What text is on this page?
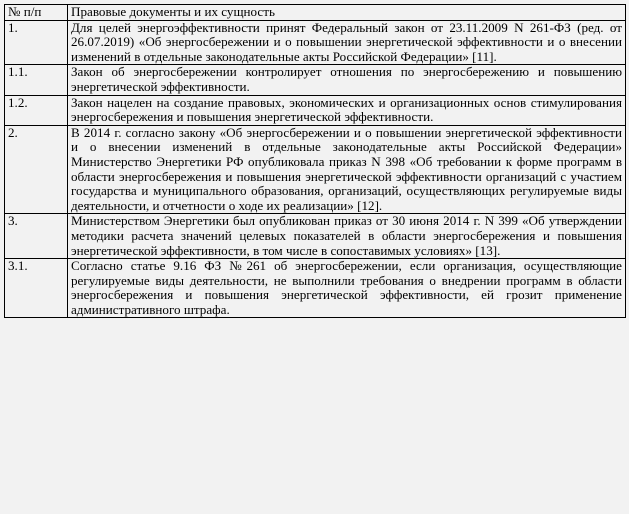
№ п/п	Правовые документы и их сущность
1.	Для целей энергоэффективности принят Федеральный закон от 23.11.2009 N 261-ФЗ (ред. от 26.07.2019) «Об энергосбережении и о повышении энергетической эффективности и о внесении изменений в отдельные законодательные акты Российской Федерации» [11].
1.1.	Закон об энергосбережении контролирует отношения по энергосбережению и повышению энергетической эффективности.
1.2.	Закон нацелен на создание правовых, экономических и организационных основ стимулирования энергосбережения и повышения энергетической эффективности.
2.	В 2014 г. согласно закону «Об энергосбережении и о повышении энергетической эффективности и о внесении изменений в отдельные законодательные акты Российской Федерации» Министерство Энергетики РФ опубликовала приказ N 398 «Об требовании к форме программ в области энергосбережения и повышения энергетической эффективности организаций с участием государства и муниципального образования, организаций, осуществляющих регулируемые виды деятельности, и отчетности о ходе их реализации» [12].
3.	Министерством Энергетики был опубликован приказ от 30 июня 2014 г. N 399 «Об утверждении методики расчета значений целевых показателей в области энергосбережения и повышения энергетической эффективности, в том числе в сопоставимых условиях» [13].
3.1.	Согласно статье 9.16 ФЗ №261 об энергосбережении, если организация, осуществляющие регулируемые виды деятельности, не выполнили требования о внедрении программ в области энергосбережения и повышения энергетической эффективности, ей грозит применение административного штрафа.
